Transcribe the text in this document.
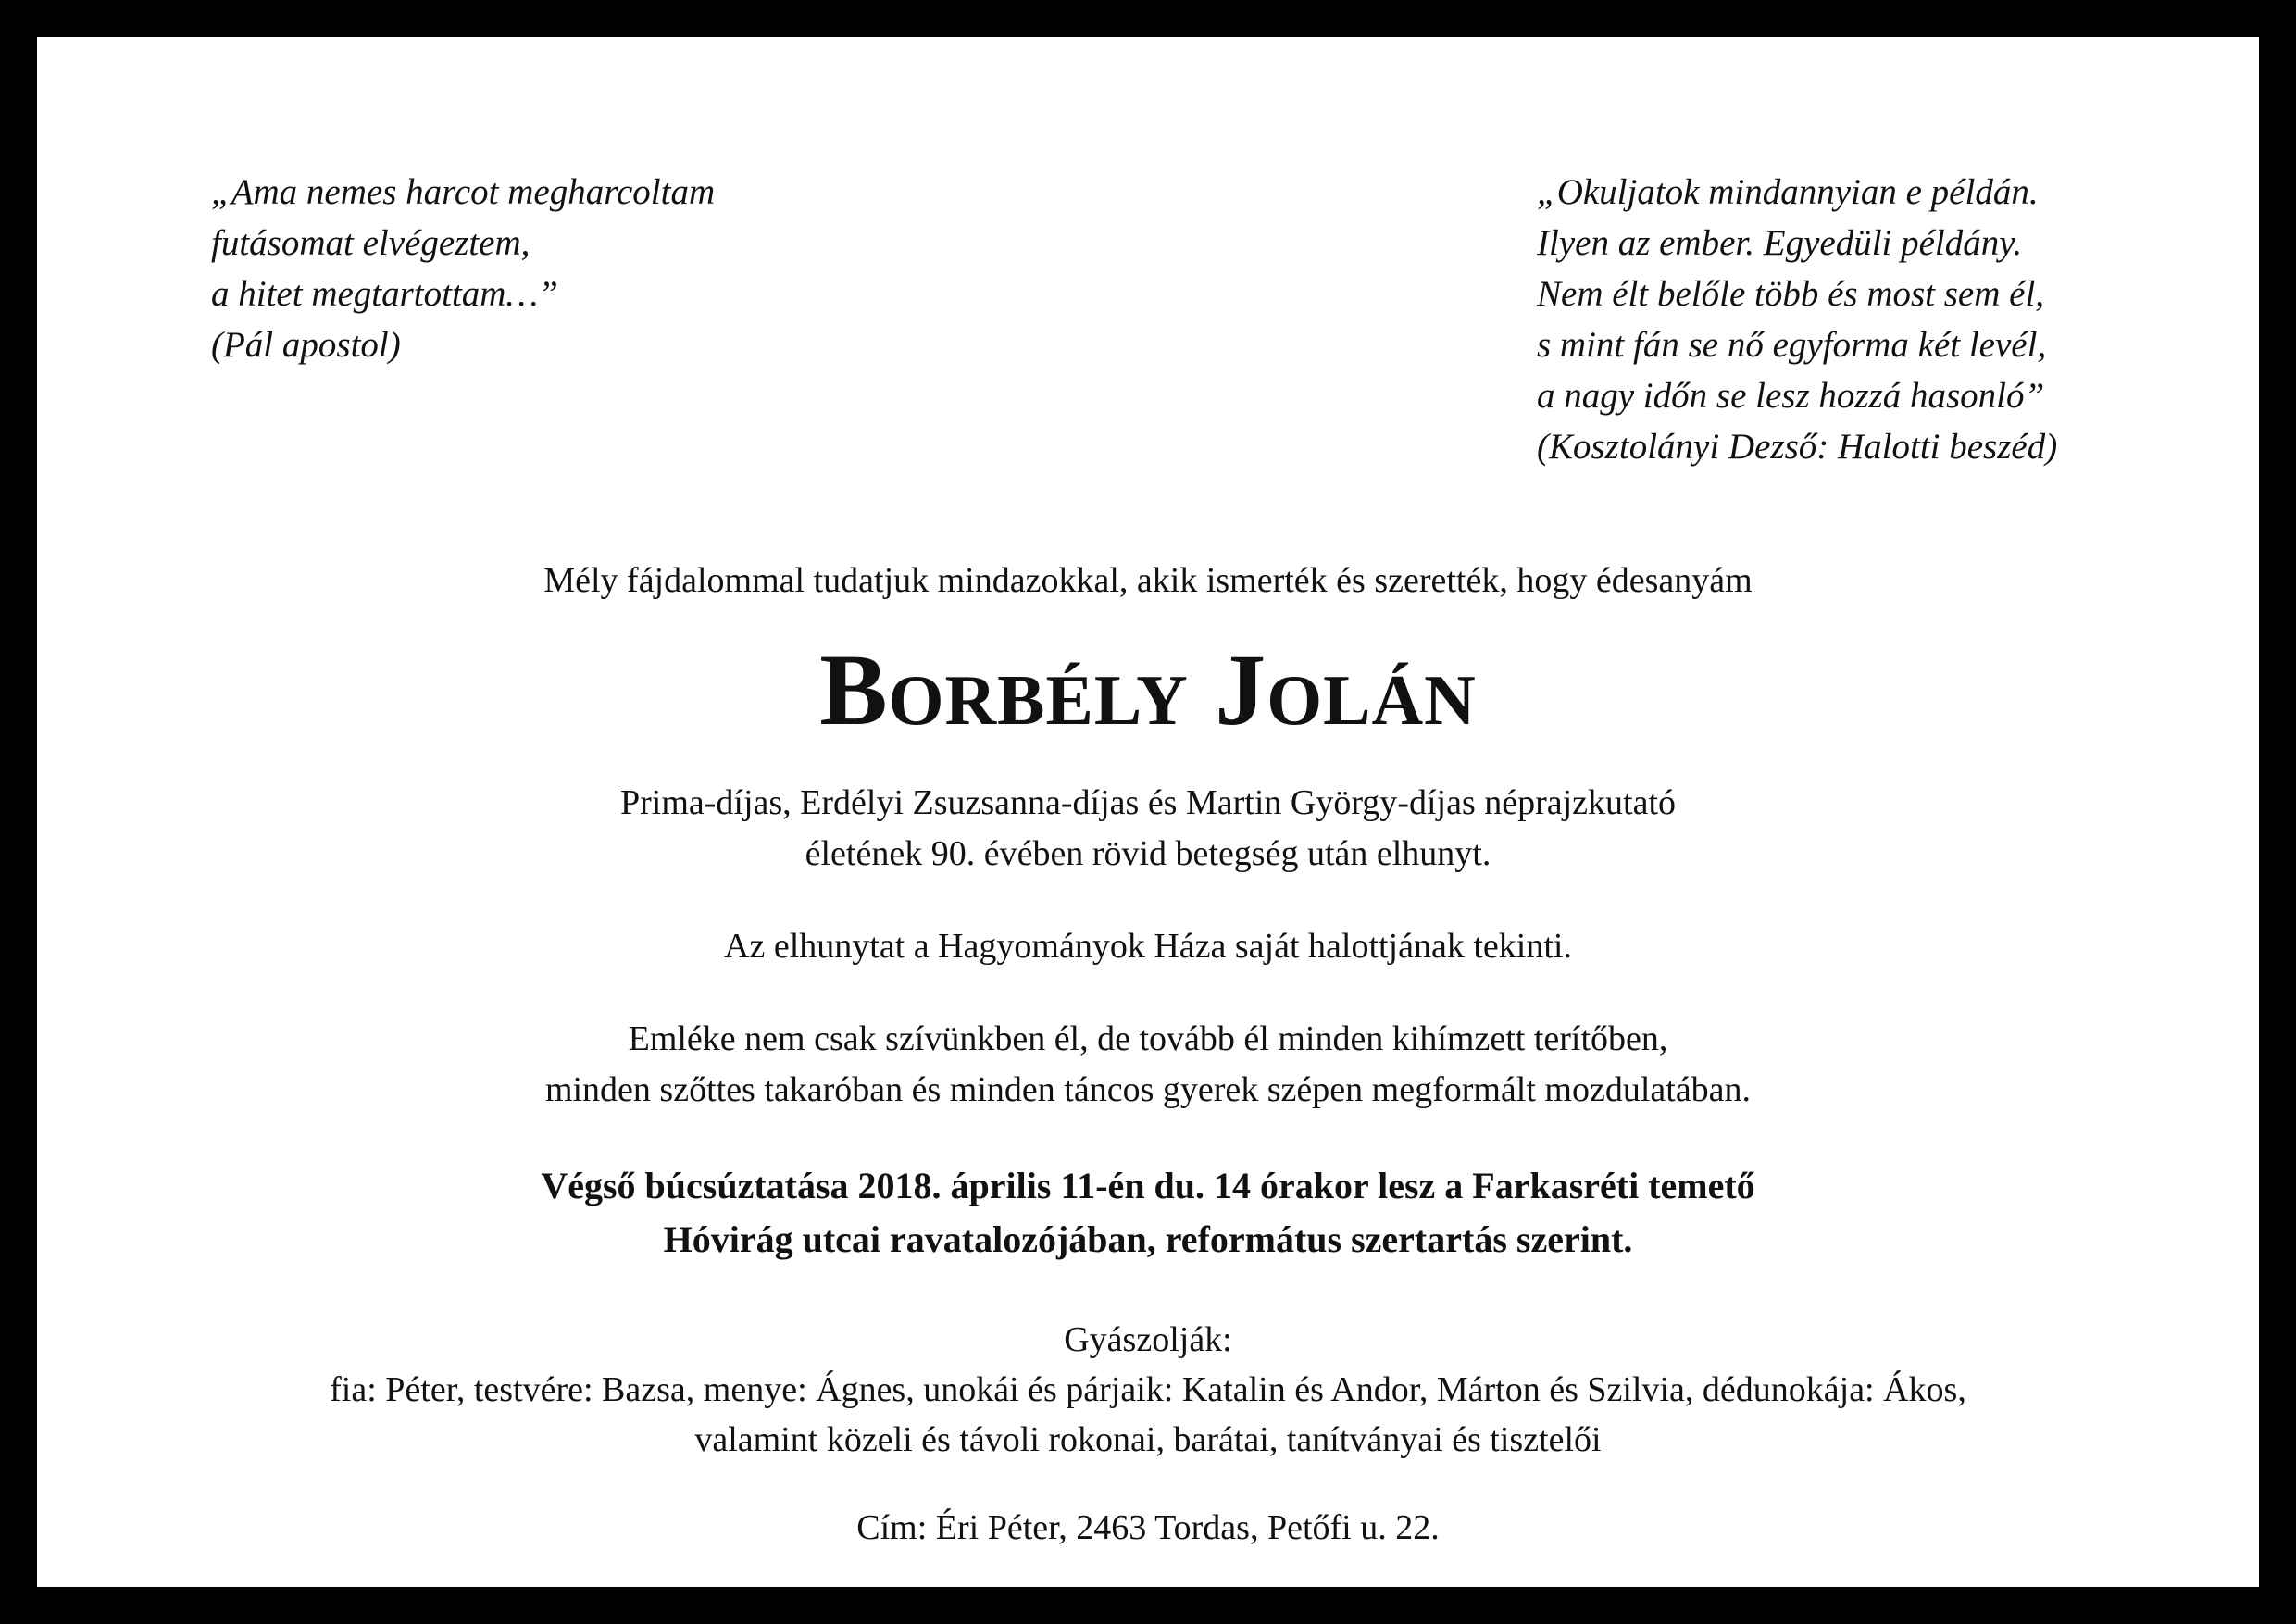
„Ama nemes harcot megharcoltam
futásomat elvégeztem,
a hitet megtartottam…”
(Pál apostol)
„Okuljatok mindannyian e példán.
Ilyen az ember. Egyedüli példány.
Nem élt belőle több és most sem él,
s mint fán se nő egyforma két levél,
a nagy időn se lesz hozzá hasonló”
(Kosztolányi Dezső: Halotti beszéd)
Mély fájdalommal tudatjuk mindazokkal, akik ismerték és szerették, hogy édesanyám
Borbély Jolán
Prima-díjas, Erdélyi Zsuzsanna-díjas és Martin György-díjas néprajzkutató
életének 90. évében rövid betegség után elhunyt.
Az elhunytat a Hagyományok Háza saját halottjának tekinti.
Emléke nem csak szívünkben él, de tovább él minden kihímzett terítőben,
minden szőttes takaróban és minden táncos gyerek szépen megformált mozdulatában.
Végső búcsúztatása 2018. április 11-én du. 14 órakor lesz a Farkasréti temető
Hóvirág utcai ravatalozójában, református szertartás szerint.
Gyászolják:
fia: Péter, testvére: Bazsa, menye: Ágnes, unokái és párjaik: Katalin és Andor, Márton és Szilvia, dédunokája: Ákos,
valamint közeli és távoli rokonai, barátai, tanítványai és tisztelői
Cím: Éri Péter, 2463 Tordas, Petőfi u. 22.
